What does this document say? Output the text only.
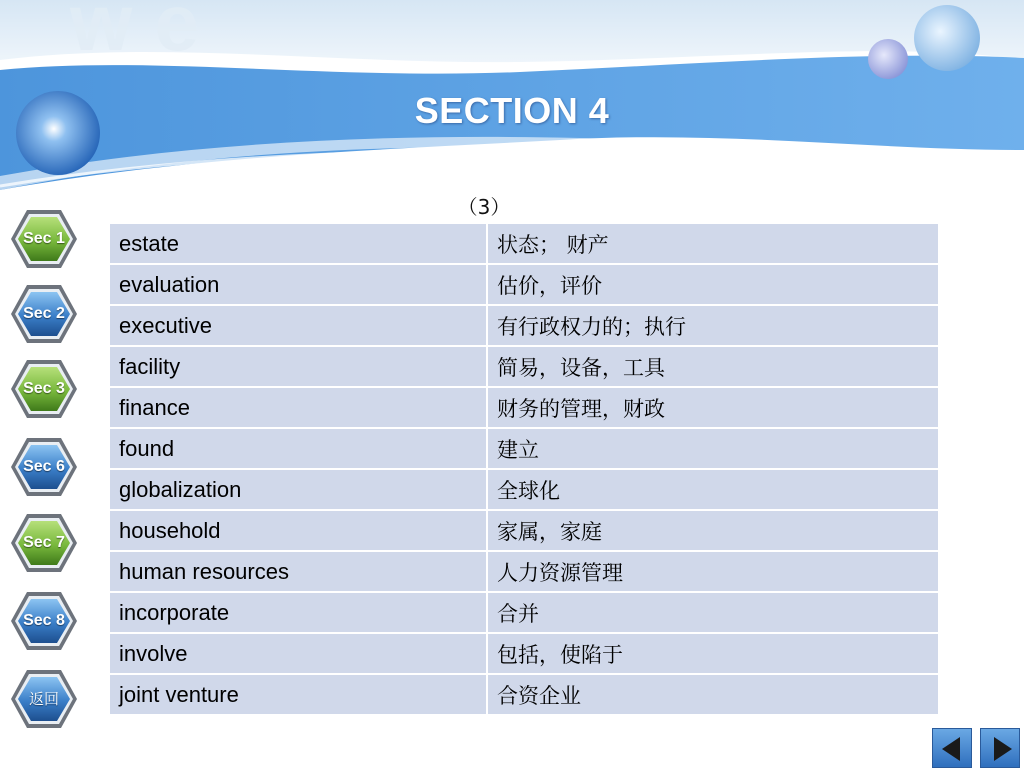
w e
SECTION 4
（3）
Sec 1
Sec 2
Sec 3
Sec 6
Sec 7
Sec 8
返回
estate	状态； 财产
evaluation	估价，评价
executive	有行政权力的；执行
facility	简易，设备，工具
finance	财务的管理，财政
found	建立
globalization	全球化
household	家属，家庭
human resources	人力资源管理
incorporate	合并
involve	包括，使陷于
joint venture	合资企业
